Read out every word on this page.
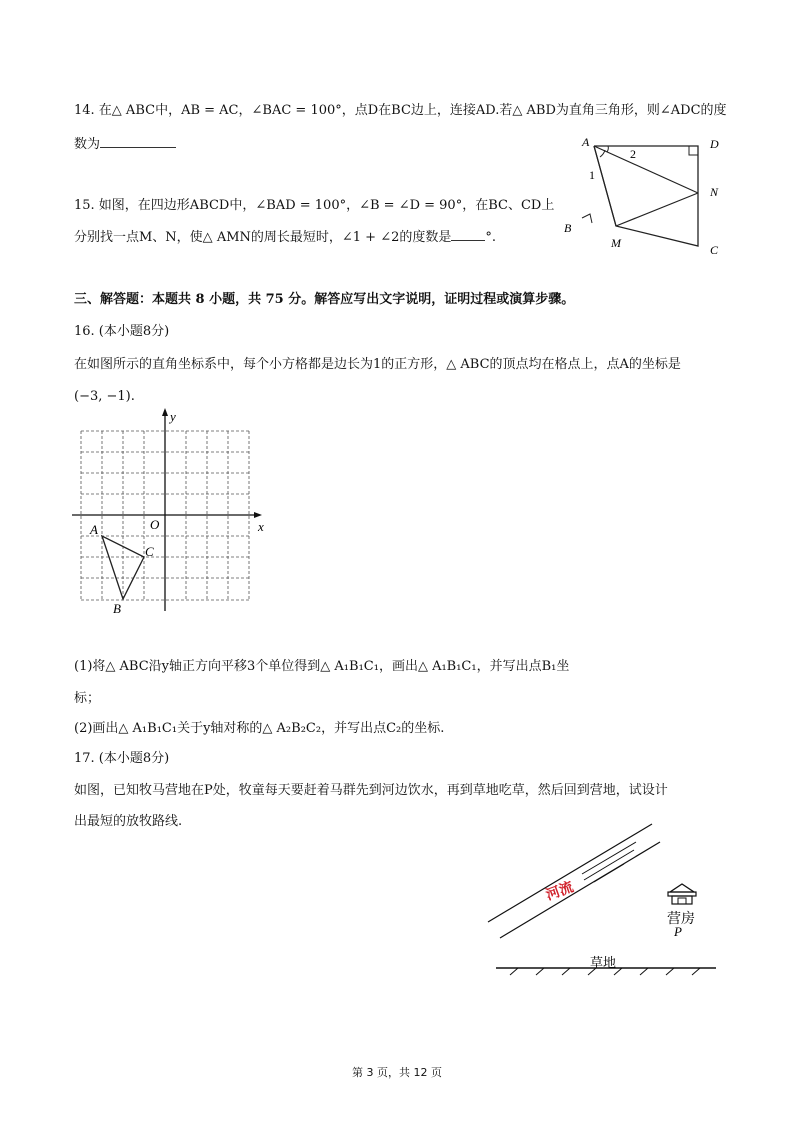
14. 在△ ABC中，AB = AC，∠BAC = 100°，点D在BC边上，连接AD.若△ ABD为直角三角形，则∠ADC的度
数为
15. 如图，在四边形ABCD中，∠BAD = 100°，∠B = ∠D = 90°，在BC、CD上
分别找一点M、N，使△ AMN的周长最短时，∠1 + ∠2的度数是	°.
A	D
N
B
M	C
1
2
三、解答题：本题共 8 小题，共 75 分。解答应写出文字说明，证明过程或演算步骤。
16. (本小题8分)
在如图所示的直角坐标系中，每个小方格都是边长为1的正方形，△ ABC的顶点均在格点上，点A的坐标是
(−3, −1).
y
x
O
A
B
C
(1)将△ ABC沿y轴正方向平移3个单位得到△ A₁B₁C₁，画出△ A₁B₁C₁，并写出点B₁坐
标；
(2)画出△ A₁B₁C₁关于y轴对称的△ A₂B₂C₂，并写出点C₂的坐标.
17. (本小题8分)
如图，已知牧马营地在P处，牧童每天要赶着马群先到河边饮水，再到草地吃草，然后回到营地，试设计
出最短的放牧路线.
河流
营房
P
草地
第 3 页，共 12 页
